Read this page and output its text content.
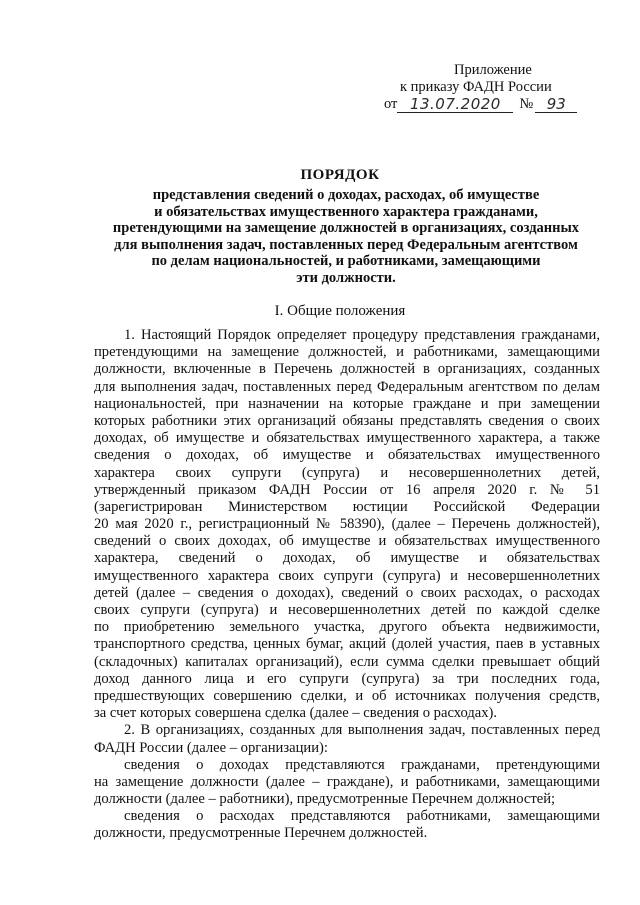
Приложение
к приказу ФАДН России
от 13.07.2020	№ 93
ПОРЯДОК
представления сведений о доходах, расходах, об имуществе
и обязательствах имущественного характера гражданами,
претендующими на замещение должностей в организациях, созданных
для выполнения задач, поставленных перед Федеральным агентством
по делам национальностей, и работниками, замещающими
эти должности.
I. Общие положения
1. Настоящий Порядок определяет процедуру представления гражданами,
претендующими на замещение должностей, и работниками, замещающими
должности, включенные в Перечень должностей в организациях, созданных
для выполнения задач, поставленных перед Федеральным агентством по делам
национальностей, при назначении на которые граждане и при замещении
которых работники этих организаций обязаны представлять сведения о своих
доходах, об имуществе и обязательствах имущественного характера, а также
сведения о доходах, об имуществе и обязательствах имущественного
характера своих супруги (супруга) и несовершеннолетних детей,
утвержденный приказом ФАДН России от 16 апреля 2020 г. № 51
(зарегистрирован Министерством юстиции Российской Федерации
20 мая 2020 г., регистрационный № 58390), (далее – Перечень должностей),
сведений о своих доходах, об имуществе и обязательствах имущественного
характера, сведений о доходах, об имуществе и обязательствах
имущественного характера своих супруги (супруга) и несовершеннолетних
детей (далее – сведения о доходах), сведений о своих расходах, о расходах
своих супруги (супруга) и несовершеннолетних детей по каждой сделке
по приобретению земельного участка, другого объекта недвижимости,
транспортного средства, ценных бумаг, акций (долей участия, паев в уставных
(складочных) капиталах организаций), если сумма сделки превышает общий
доход данного лица и его супруги (супруга) за три последних года,
предшествующих совершению сделки, и об источниках получения средств,
за счет которых совершена сделка (далее – сведения о расходах).
2. В организациях, созданных для выполнения задач, поставленных перед
ФАДН России (далее – организации):
сведения о доходах представляются гражданами, претендующими
на замещение должности (далее – граждане), и работниками, замещающими
должности (далее – работники), предусмотренные Перечнем должностей;
сведения о расходах представляются работниками, замещающими
должности, предусмотренные Перечнем должностей.
